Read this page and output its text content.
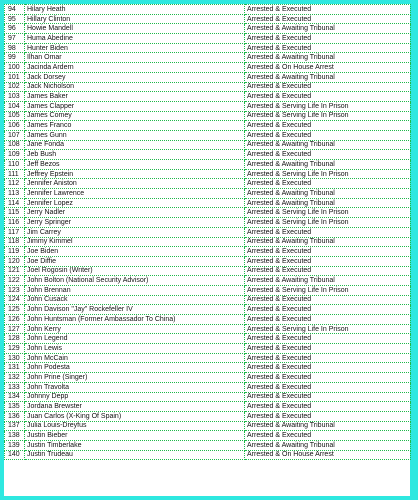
94	Hilary Heath	Arrested & Executed
95	Hillary Clinton	Arrested & Executed
96	Howie Mandell	Arrested & Awaiting Tribunal
97	Huma Abedine	Arrested & Executed
98	Hunter Biden	Arrested & Executed
99	Ilhan Omar	Arrested & Awaiting Tribunal
100	Jacinda Ardern	Arrested & On House Arrest
101	Jack Dorsey	Arrested & Awaiting Tribunal
102	Jack Nicholson	Arrested & Executed
103	James Baker	Arrested & Executed
104	James Clapper	Arrested & Serving Life In Prison
105	James Comey	Arrested & Serving Life In Prison
106	James Franco	Arrested & Executed
107	James Gunn	Arrested & Executed
108	Jane Fonda	Arrested & Awaiting Tribunal
109	Jeb Bush	Arrested & Executed
110	Jeff Bezos	Arrested & Awaiting Tribunal
111	Jeffrey Epstein	Arrested & Serving Life In Prison
112	Jennifer Aniston	Arrested & Executed
113	Jennifer Lawrence	Arrested & Awaiting Tribunal
114	Jennifer Lopez	Arrested & Awaiting Tribunal
115	Jerry Nadler	Arrested & Serving Life In Prison
116	Jerry Springer	Arrested & Serving Life In Prison
117	Jim Carrey	Arrested & Executed
118	Jimmy Kimmel	Arrested & Awaiting Tribunal
119	Joe Biden	Arrested & Executed
120	Joe Diffie	Arrested & Executed
121	Joel Rogosin (Writer)	Arrested & Executed
122	John Bolton (National Security Advisor)	Arrested & Awaiting Tribunal
123	John Brennan	Arrested & Serving Life In Prison
124	John Cusack	Arrested & Executed
125	John Davison "Jay" Rockefeller IV	Arrested & Executed
126	John Huntsman (Former Ambassador To China)	Arrested & Executed
127	John Kerry	Arrested & Serving Life In Prison
128	John Legend	Arrested & Executed
129	John Lewis	Arrested & Executed
130	John McCain	Arrested & Executed
131	John Podesta	Arrested & Executed
132	John Prine (Singer)	Arrested & Executed
133	John Travolta	Arrested & Executed
134	Johnny Depp	Arrested & Executed
135	Jordana Brewster	Arrested & Executed
136	Juan Carlos (X-King Of Spain)	Arrested & Executed
137	Julia Louis-Dreyfus	Arrested & Awaiting Tribunal
138	Justin Bieber	Arrested & Executed
139	Justin Timberlake	Arrested & Awaiting Tribunal
140	Justin Trudeau	Arrested & On House Arrest
